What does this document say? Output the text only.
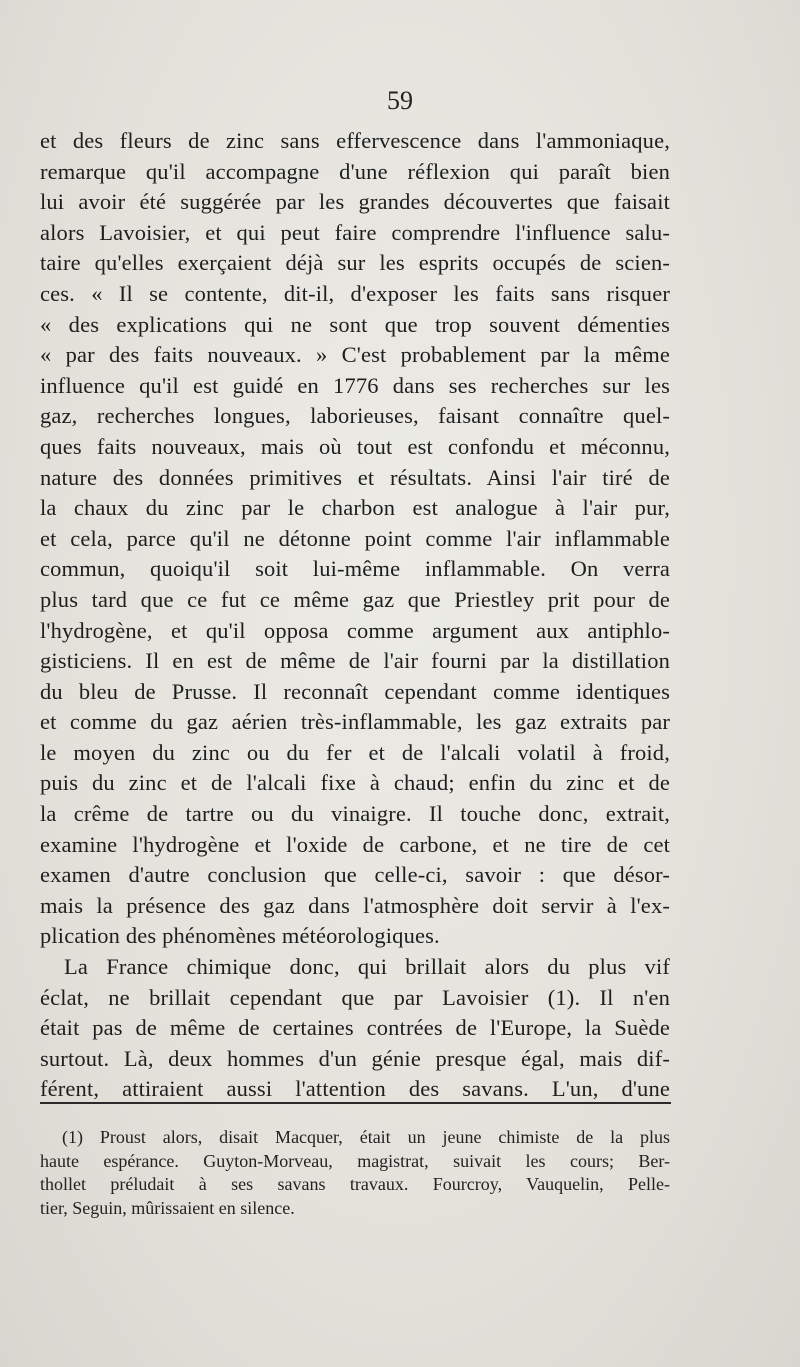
59
et des fleurs de zinc sans effervescence dans l'ammoniaque,
remarque qu'il accompagne d'une réflexion qui paraît bien
lui avoir été suggérée par les grandes découvertes que faisait
alors Lavoisier, et qui peut faire comprendre l'influence salu-
taire qu'elles exerçaient déjà sur les esprits occupés de scien-
ces. « Il se contente, dit-il, d'exposer les faits sans risquer
« des explications qui ne sont que trop souvent démenties
« par des faits nouveaux. » C'est probablement par la même
influence qu'il est guidé en 1776 dans ses recherches sur les
gaz, recherches longues, laborieuses, faisant connaître quel-
ques faits nouveaux, mais où tout est confondu et méconnu,
nature des données primitives et résultats. Ainsi l'air tiré de
la chaux du zinc par le charbon est analogue à l'air pur,
et cela, parce qu'il ne détonne point comme l'air inflammable
commun, quoiqu'il soit lui-même inflammable. On verra
plus tard que ce fut ce même gaz que Priestley prit pour de
l'hydrogène, et qu'il opposa comme argument aux antiphlo-
gisticiens. Il en est de même de l'air fourni par la distillation
du bleu de Prusse. Il reconnaît cependant comme identiques
et comme du gaz aérien très-inflammable, les gaz extraits par
le moyen du zinc ou du fer et de l'alcali volatil à froid,
puis du zinc et de l'alcali fixe à chaud; enfin du zinc et de
la crême de tartre ou du vinaigre. Il touche donc, extrait,
examine l'hydrogène et l'oxide de carbone, et ne tire de cet
examen d'autre conclusion que celle-ci, savoir : que désor-
mais la présence des gaz dans l'atmosphère doit servir à l'ex-
plication des phénomènes météorologiques.
La France chimique donc, qui brillait alors du plus vif
éclat, ne brillait cependant que par Lavoisier (1). Il n'en
était pas de même de certaines contrées de l'Europe, la Suède
surtout. Là, deux hommes d'un génie presque égal, mais dif-
férent, attiraient aussi l'attention des savans. L'un, d'une
(1) Proust alors, disait Macquer, était un jeune chimiste de la plus
haute espérance. Guyton-Morveau, magistrat, suivait les cours; Ber-
thollet préludait à ses savans travaux. Fourcroy, Vauquelin, Pelle-
tier, Seguin, mûrissaient en silence.
